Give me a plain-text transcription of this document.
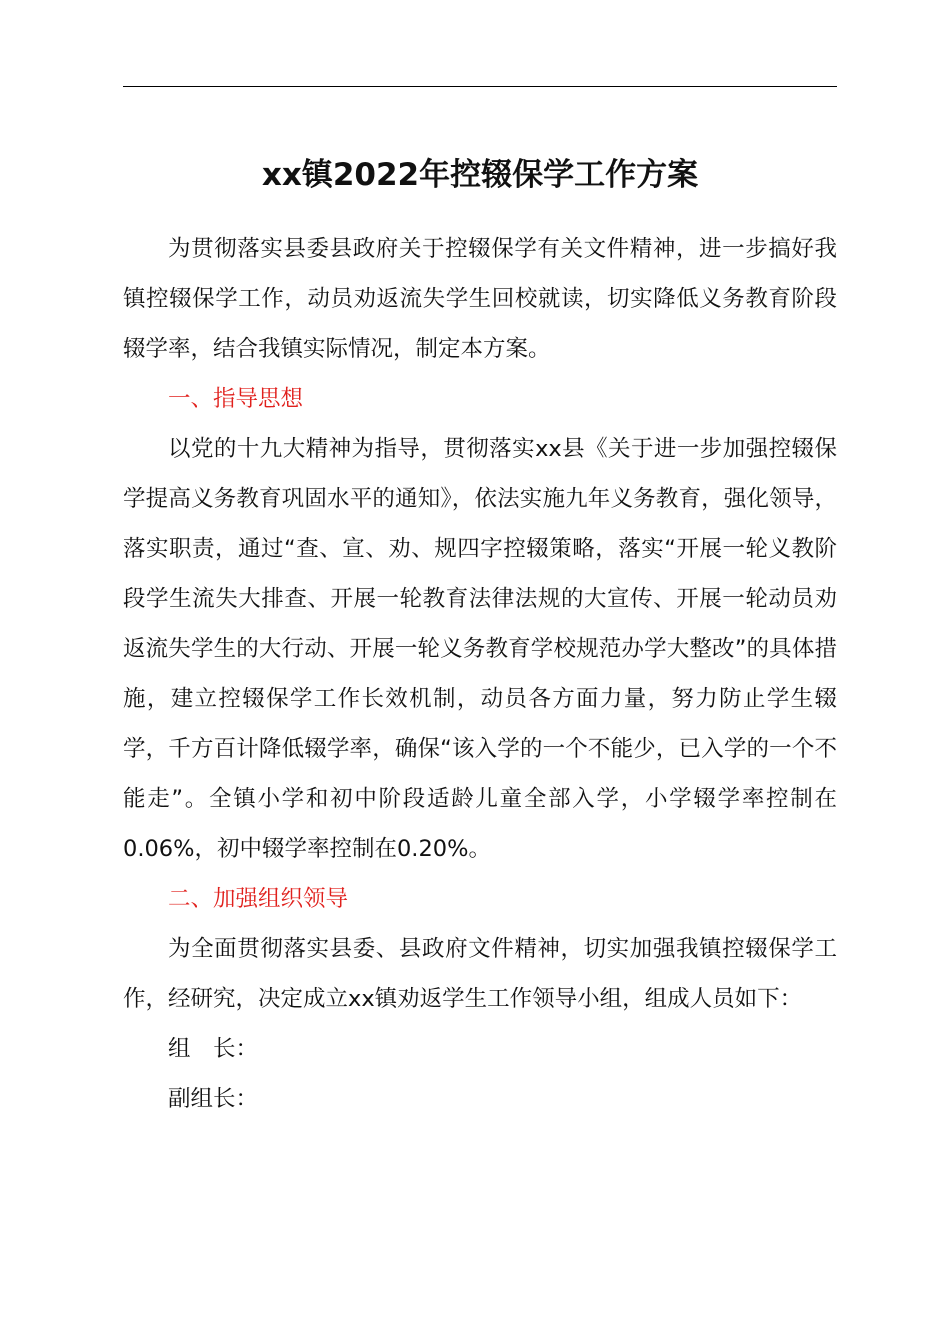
xx镇2022年控辍保学工作方案

为贯彻落实县委县政府关于控辍保学有关文件精神，进一步搞好我镇控辍保学工作，动员劝返流失学生回校就读，切实降低义务教育阶段辍学率，结合我镇实际情况，制定本方案。

一、指导思想

以党的十九大精神为指导，贯彻落实xx县《关于进一步加强控辍保学提高义务教育巩固水平的通知》，依法实施九年义务教育，强化领导，落实职责，通过“查、宣、劝、规四字控辍策略，落实“开展一轮义教阶段学生流失大排查、开展一轮教育法律法规的大宣传、开展一轮动员劝返流失学生的大行动、开展一轮义务教育学校规范办学大整改”的具体措施，建立控辍保学工作长效机制，动员各方面力量，努力防止学生辍学，千方百计降低辍学率，确保“该入学的一个不能少，已入学的一个不能走”。全镇小学和初中阶段适龄儿童全部入学，小学辍学率控制在0.06%，初中辍学率控制在0.20%。

二、加强组织领导

为全面贯彻落实县委、县政府文件精神，切实加强我镇控辍保学工作，经研究，决定成立xx镇劝返学生工作领导小组，组成人员如下：

组　长：

副组长：
